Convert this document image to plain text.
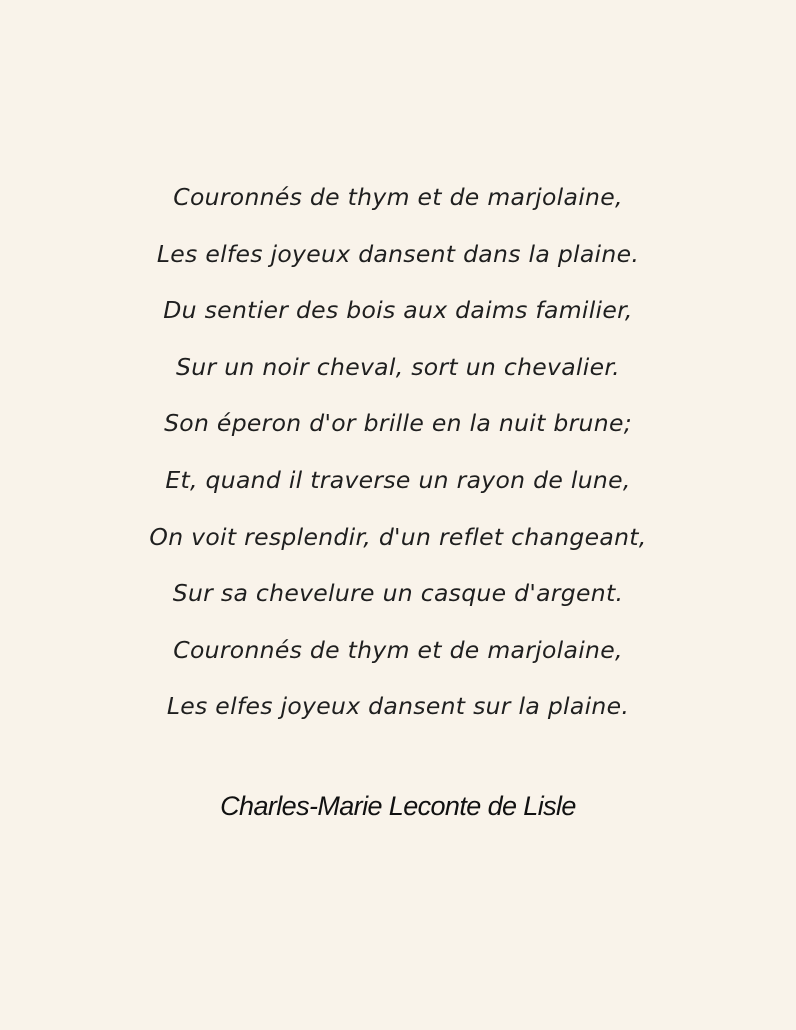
Couronnés de thym et de marjolaine,
Les elfes joyeux dansent dans la plaine.
Du sentier des bois aux daims familier,
Sur un noir cheval, sort un chevalier.
Son éperon d'or brille en la nuit brune;
Et, quand il traverse un rayon de lune,
On voit resplendir, d'un reflet changeant,
Sur sa chevelure un casque d'argent.
Couronnés de thym et de marjolaine,
Les elfes joyeux dansent sur la plaine.

Charles-Marie Leconte de Lisle
